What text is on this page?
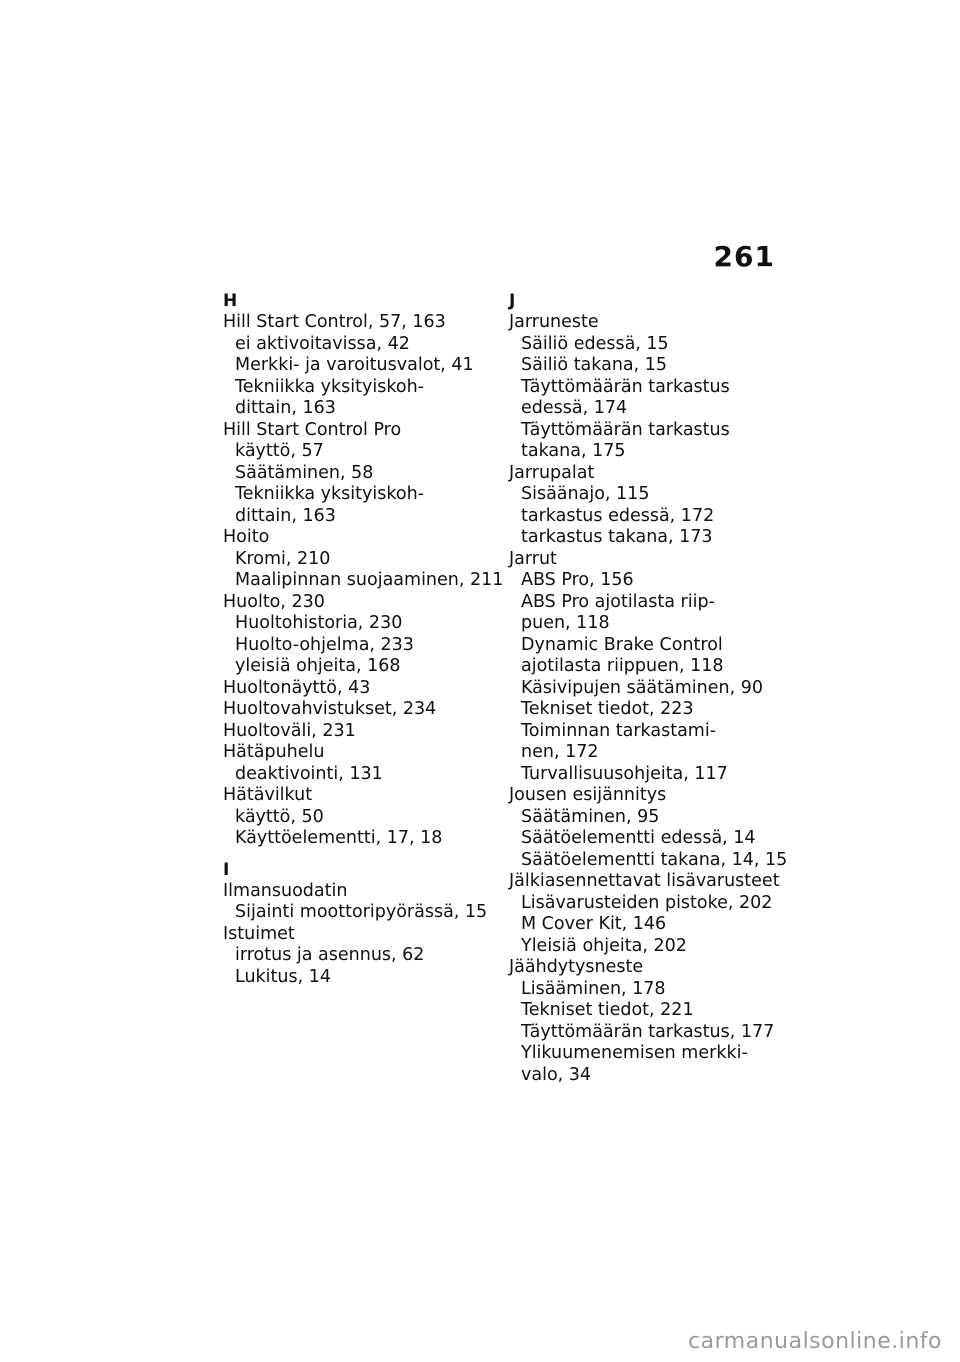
261
H
Hill Start Control, 57, 163
ei aktivoitavissa, 42
Merkki- ja varoitusvalot, 41
Tekniikka yksityiskoh-
dittain, 163
Hill Start Control Pro
käyttö, 57
Säätäminen, 58
Tekniikka yksityiskoh-
dittain, 163
Hoito
Kromi, 210
Maalipinnan suojaaminen, 211
Huolto, 230
Huoltohistoria, 230
Huolto-ohjelma, 233
yleisiä ohjeita, 168
Huoltonäyttö, 43
Huoltovahvistukset, 234
Huoltoväli, 231
Hätäpuhelu
deaktivointi, 131
Hätävilkut
käyttö, 50
Käyttöelementti, 17, 18
I
Ilmansuodatin
Sijainti moottoripyörässä, 15
Istuimet
irrotus ja asennus, 62
Lukitus, 14
J
Jarruneste
Säiliö edessä, 15
Säiliö takana, 15
Täyttömäärän tarkastus
edessä, 174
Täyttömäärän tarkastus
takana, 175
Jarrupalat
Sisäänajo, 115
tarkastus edessä, 172
tarkastus takana, 173
Jarrut
ABS Pro, 156
ABS Pro ajotilasta riip-
puen, 118
Dynamic Brake Control
ajotilasta riippuen, 118
Käsivipujen säätäminen, 90
Tekniset tiedot, 223
Toiminnan tarkastami-
nen, 172
Turvallisuusohjeita, 117
Jousen esijännitys
Säätäminen, 95
Säätöelementti edessä, 14
Säätöelementti takana, 14, 15
Jälkiasennettavat lisävarusteet
Lisävarusteiden pistoke, 202
M Cover Kit, 146
Yleisiä ohjeita, 202
Jäähdytysneste
Lisääminen, 178
Tekniset tiedot, 221
Täyttömäärän tarkastus, 177
Ylikuumenemisen merkki-
valo, 34
carmanualsonline.info
